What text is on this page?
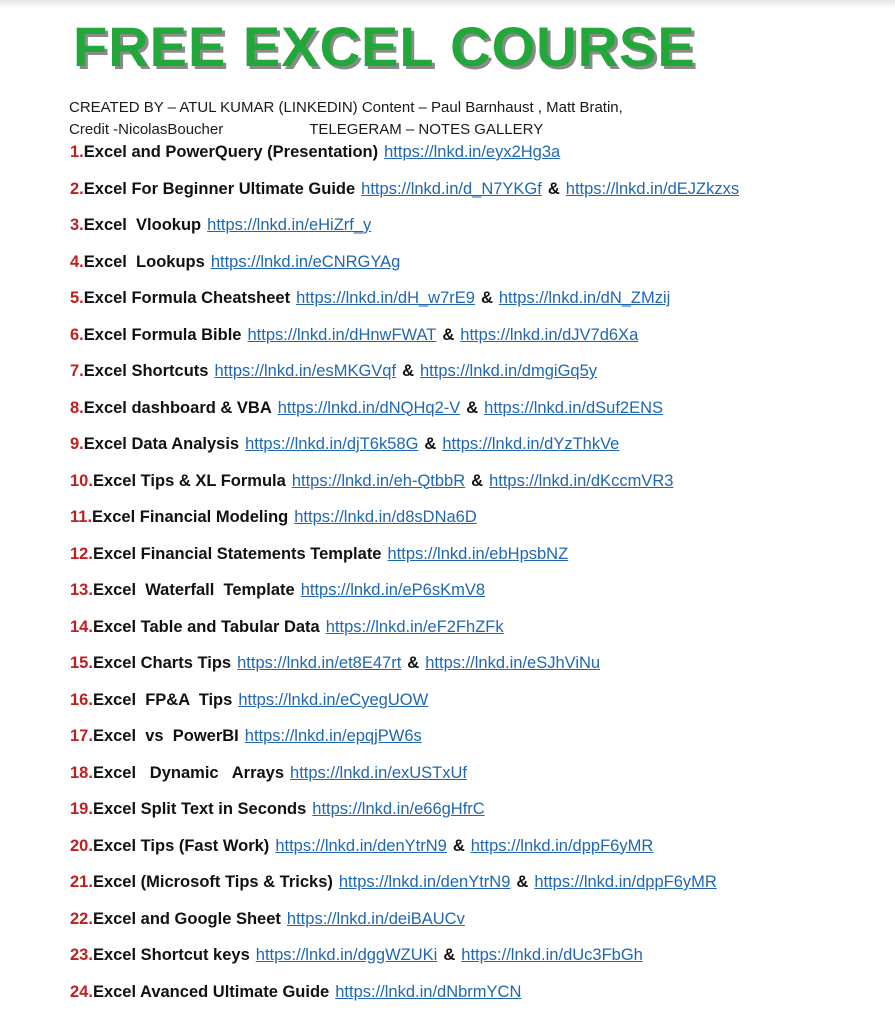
FREE EXCEL COURSE
CREATED BY – ATUL KUMAR (LINKEDIN) Content – Paul Barnhaust , Matt Bratin,
Credit -NicolasBoucher	TELEGERAM – NOTES GALLERY
1. Excel and PowerQuery (Presentation) https://lnkd.in/eyx2Hg3a
2. Excel For Beginner Ultimate Guide https://lnkd.in/d_N7YKGf & https://lnkd.in/dEJZkzxs
3. Excel  Vlookup https://lnkd.in/eHiZrf_y
4. Excel  Lookups https://lnkd.in/eCNRGYAg
5. Excel Formula Cheatsheet https://lnkd.in/dH_w7rE9 & https://lnkd.in/dN_ZMzij
6. Excel Formula Bible https://lnkd.in/dHnwFWAT & https://lnkd.in/dJV7d6Xa
7. Excel Shortcuts https://lnkd.in/esMKGVqf & https://lnkd.in/dmgiGq5y
8. Excel dashboard & VBA https://lnkd.in/dNQHq2-V & https://lnkd.in/dSuf2ENS
9. Excel Data Analysis https://lnkd.in/djT6k58G & https://lnkd.in/dYzThkVe
10. Excel Tips & XL Formula https://lnkd.in/eh-QtbbR & https://lnkd.in/dKccmVR3
11. Excel Financial Modeling https://lnkd.in/d8sDNa6D
12. Excel Financial Statements Template https://lnkd.in/ebHpsbNZ
13. Excel  Waterfall  Template https://lnkd.in/eP6sKmV8
14. Excel Table and Tabular Data https://lnkd.in/eF2FhZFk
15. Excel Charts Tips https://lnkd.in/et8E47rt & https://lnkd.in/eSJhViNu
16. Excel  FP&A  Tips https://lnkd.in/eCyegUOW
17. Excel  vs  PowerBI https://lnkd.in/epqjPW6s
18. Excel   Dynamic   Arrays https://lnkd.in/exUSTxUf
19. Excel Split Text in Seconds https://lnkd.in/e66gHfrC
20. Excel Tips (Fast Work) https://lnkd.in/denYtrN9 & https://lnkd.in/dppF6yMR
21. Excel (Microsoft Tips & Tricks) https://lnkd.in/denYtrN9 & https://lnkd.in/dppF6yMR
22. Excel and Google Sheet https://lnkd.in/deiBAUCv
23. Excel Shortcut keys https://lnkd.in/dggWZUKi & https://lnkd.in/dUc3FbGh
24. Excel Avanced Ultimate Guide https://lnkd.in/dNbrmYCN
